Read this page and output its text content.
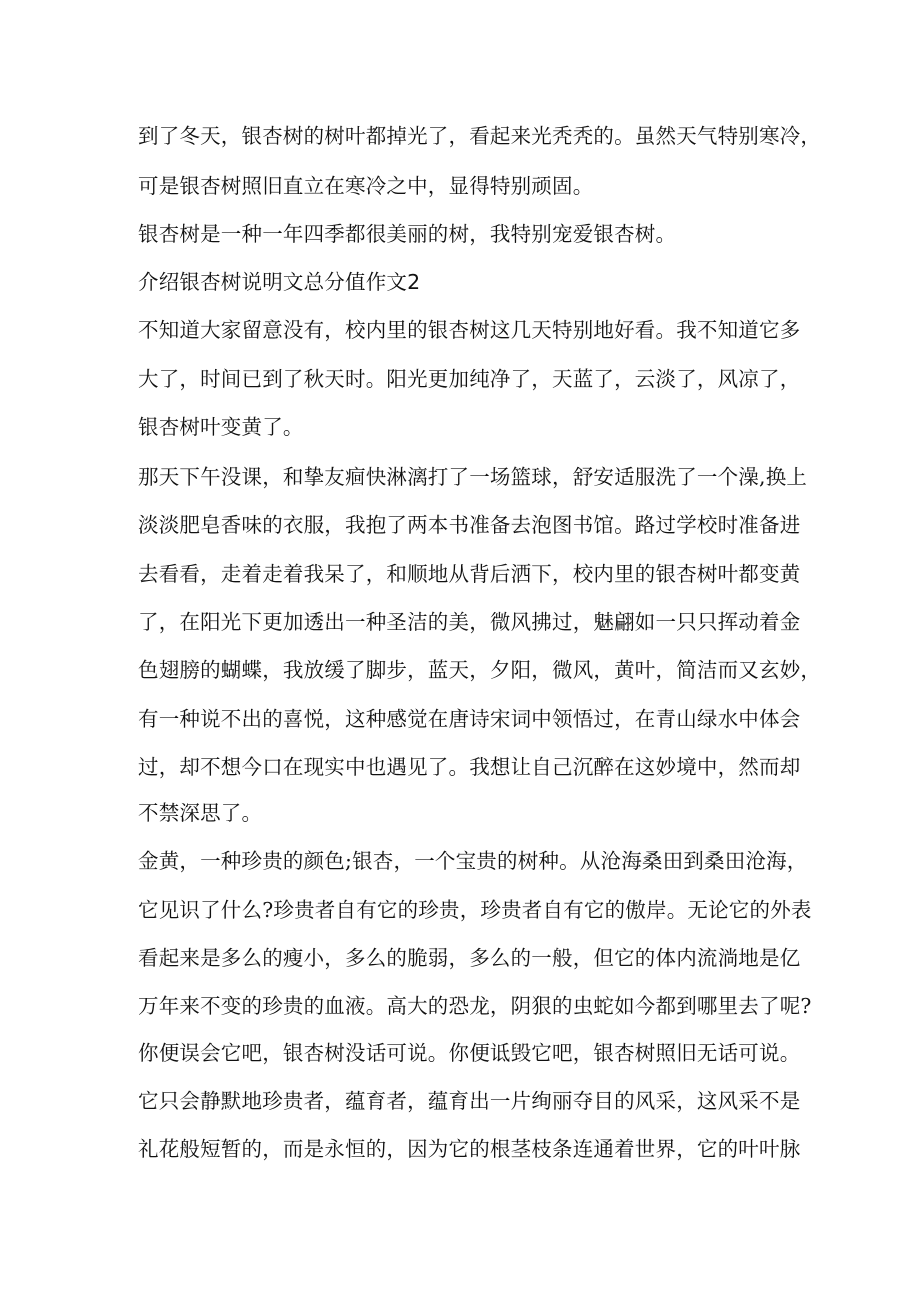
到了冬天，银杏树的树叶都掉光了，看起来光秃秃的。虽然天气特别寒冷，
可是银杏树照旧直立在寒冷之中，显得特别顽固。
银杏树是一种一年四季都很美丽的树，我特别宠爱银杏树。
介绍银杏树说明文总分值作文2
不知道大家留意没有，校内里的银杏树这几天特别地好看。我不知道它多
大了，时间已到了秋天时。阳光更加纯净了，天蓝了，云淡了，风凉了，
银杏树叶变黄了。
那天下午没课，和挚友痐快淋漓打了一场篮球，舒安适服洗了一个澡,换上
淡淡肥皂香味的衣服，我抱了两本书准备去泡图书馆。路过学校时准备进
去看看，走着走着我呆了，和顺地从背后洒下，校内里的银杏树叶都变黄
了，在阳光下更加透出一种圣洁的美，微风拂过，魅翩如一只只挥动着金
色翅膀的蝴蝶，我放缓了脚步，蓝天，夕阳，微风，黄叶，简洁而又玄妙，
有一种说不出的喜悦，这种感觉在唐诗宋词中领悟过，在青山绿水中体会
过，却不想今口在现实中也遇见了。我想让自己沉醉在这妙境中，然而却
不禁深思了。
金黄，一种珍贵的颜色;银杏，一个宝贵的树种。从沧海桑田到桑田沧海，
它见识了什么?珍贵者自有它的珍贵，珍贵者自有它的傲岸。无论它的外表
看起来是多么的瘦小，多么的脆弱，多么的一般，但它的体内流淌地是亿
万年来不变的珍贵的血液。高大的恐龙，阴狠的虫蛇如今都到哪里去了呢?
你便误会它吧，银杏树没话可说。你便诋毁它吧，银杏树照旧无话可说。
它只会静默地珍贵者，蕴育者，蕴育出一片绚丽夺目的风采，这风采不是
礼花般短暂的，而是永恒的，因为它的根茎枝条连通着世界，它的叶叶脉
